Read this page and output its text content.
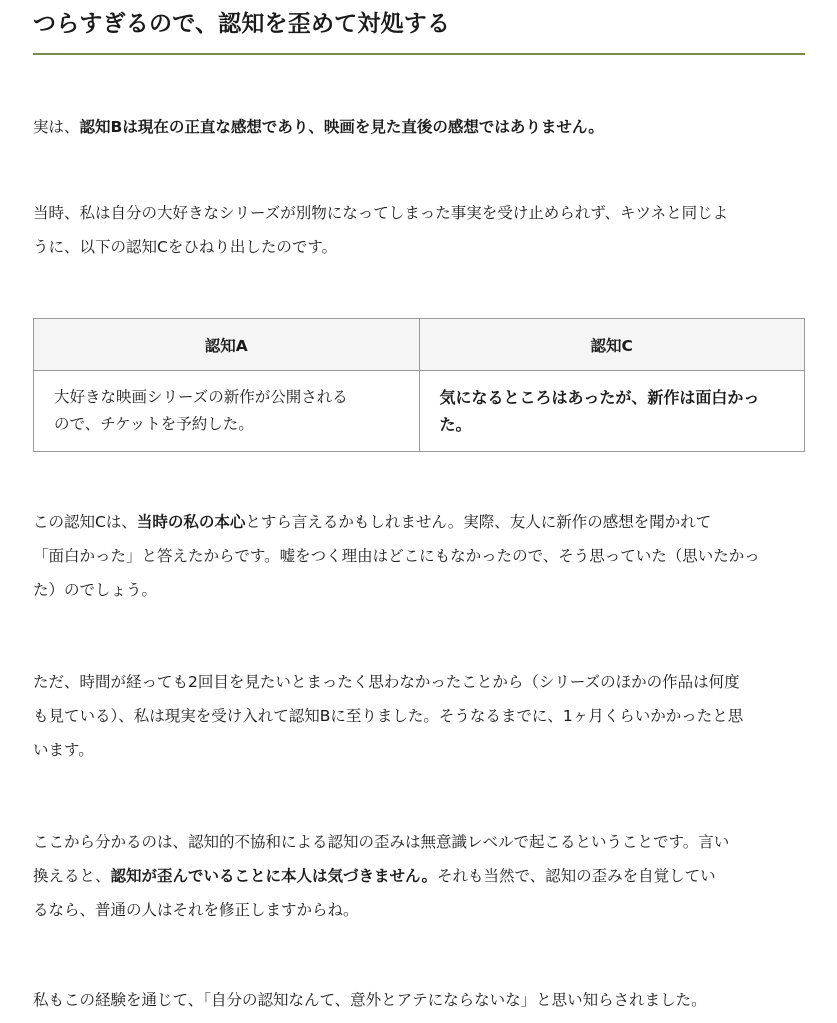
つらすぎるので、認知を歪めて対処する

実は、認知Bは現在の正直な感想であり、映画を見た直後の感想ではありません。

当時、私は自分の大好きなシリーズが別物になってしまった事実を受け止められず、キツネと同じよ
うに、以下の認知Cをひねり出したのです。

認知A	認知C
大好きな映画シリーズの新作が公開される
ので、チケットを予約した。	気になるところはあったが、新作は面白かっ
た。

この認知Cは、当時の私の本心とすら言えるかもしれません。実際、友人に新作の感想を聞かれて
「面白かった」と答えたからです。嘘をつく理由はどこにもなかったので、そう思っていた（思いたかっ
た）のでしょう。

ただ、時間が経っても2回目を見たいとまったく思わなかったことから（シリーズのほかの作品は何度
も見ている）、私は現実を受け入れて認知Bに至りました。そうなるまでに、1ヶ月くらいかかったと思
います。

ここから分かるのは、認知的不協和による認知の歪みは無意識レベルで起こるということです。言い
換えると、認知が歪んでいることに本人は気づきません。それも当然で、認知の歪みを自覚してい
るなら、普通の人はそれを修正しますからね。

私もこの経験を通じて、「自分の認知なんて、意外とアテにならないな」と思い知らされました。
